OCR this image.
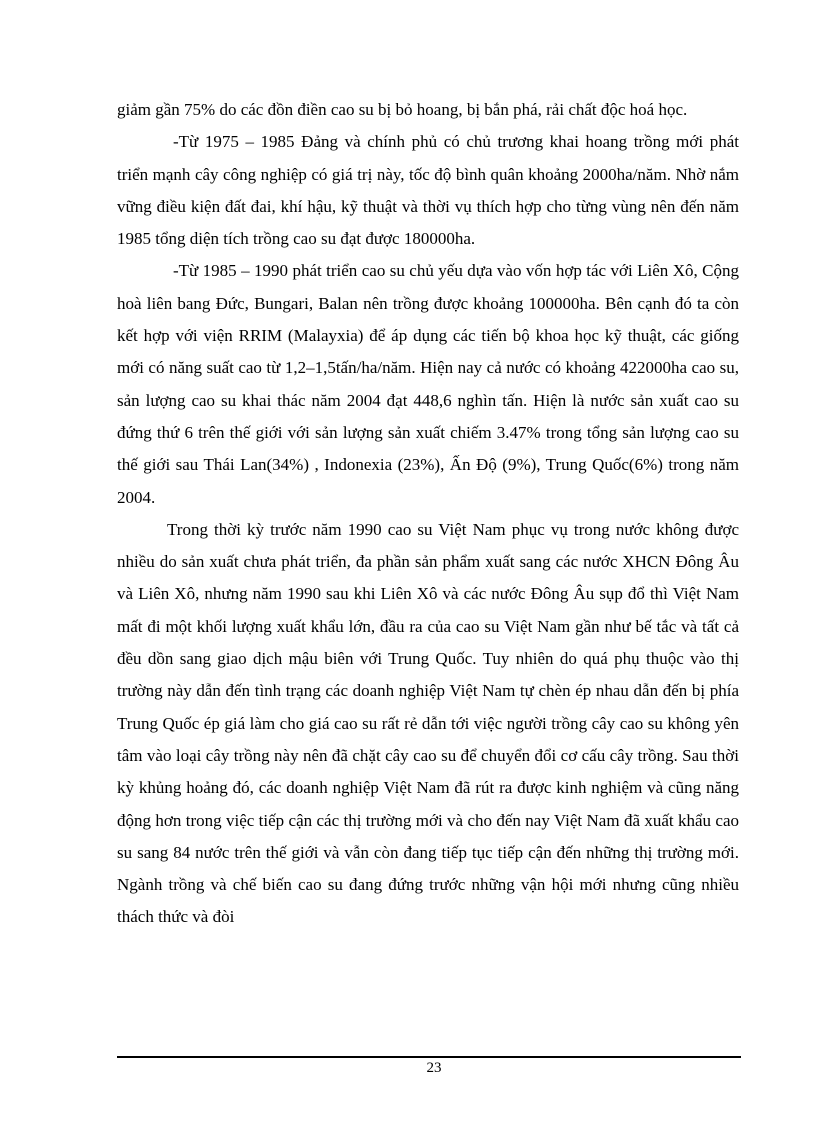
giảm gần 75% do các đồn điền cao su bị bỏ hoang, bị bắn phá, rải chất độc hoá học.

-Từ 1975 – 1985 Đảng và chính phủ có chủ trương khai hoang trồng mới phát triển mạnh cây công nghiệp có giá trị này, tốc độ bình quân khoảng 2000ha/năm. Nhờ nắm vững điều kiện đất đai, khí hậu, kỹ thuật và thời vụ thích hợp cho từng vùng nên đến năm 1985 tổng diện tích trồng cao su đạt được 180000ha.

-Từ 1985 – 1990 phát triển cao su chủ yếu dựa vào vốn hợp tác với Liên Xô, Cộng hoà liên bang Đức, Bungari, Balan nên trồng được khoảng 100000ha. Bên cạnh đó ta còn kết hợp với viện RRIM (Malayxia) để áp dụng các tiến bộ khoa học kỹ thuật, các giống mới có năng suất cao từ 1,2–1,5tấn/ha/năm. Hiện nay cả nước có khoảng 422000ha cao su, sản lượng cao su khai thác năm 2004 đạt 448,6 nghìn tấn. Hiện là nước sản xuất cao su đứng thứ 6 trên thế giới với sản lượng sản xuất chiếm 3.47% trong tổng sản lượng cao su thế giới sau Thái Lan(34%) , Indonexia (23%), Ấn Độ (9%), Trung Quốc(6%) trong năm 2004.

Trong thời kỳ trước năm 1990 cao su Việt Nam phục vụ trong nước không được nhiều do sản xuất chưa phát triển, đa phần sản phẩm xuất sang các nước XHCN Đông Âu và Liên Xô, nhưng năm 1990 sau khi Liên Xô và các nước Đông Âu sụp đổ thì Việt Nam mất đi một khối lượng xuất khẩu lớn, đầu ra của cao su Việt Nam gần như bế tắc và tất cả đều dồn sang giao dịch mậu biên với Trung Quốc. Tuy nhiên do quá phụ thuộc vào thị trường này dẫn đến tình trạng các doanh nghiệp Việt Nam tự chèn ép nhau dẫn đến bị phía Trung Quốc ép giá làm cho giá cao su rất rẻ dẫn tới việc người trồng cây cao su không yên tâm vào loại cây trồng này nên đã chặt cây cao su để chuyển đổi cơ cấu cây trồng. Sau thời kỳ khủng hoảng đó, các doanh nghiệp Việt Nam đã rút ra được kinh nghiệm và cũng năng động hơn trong việc tiếp cận các thị trường mới và cho đến nay Việt Nam đã xuất khẩu cao su sang 84 nước trên thế giới và vẫn còn đang tiếp tục tiếp cận đến những thị trường mới. Ngành trồng và chế biến cao su đang đứng trước những vận hội mới nhưng cũng nhiều thách thức và đòi

23
